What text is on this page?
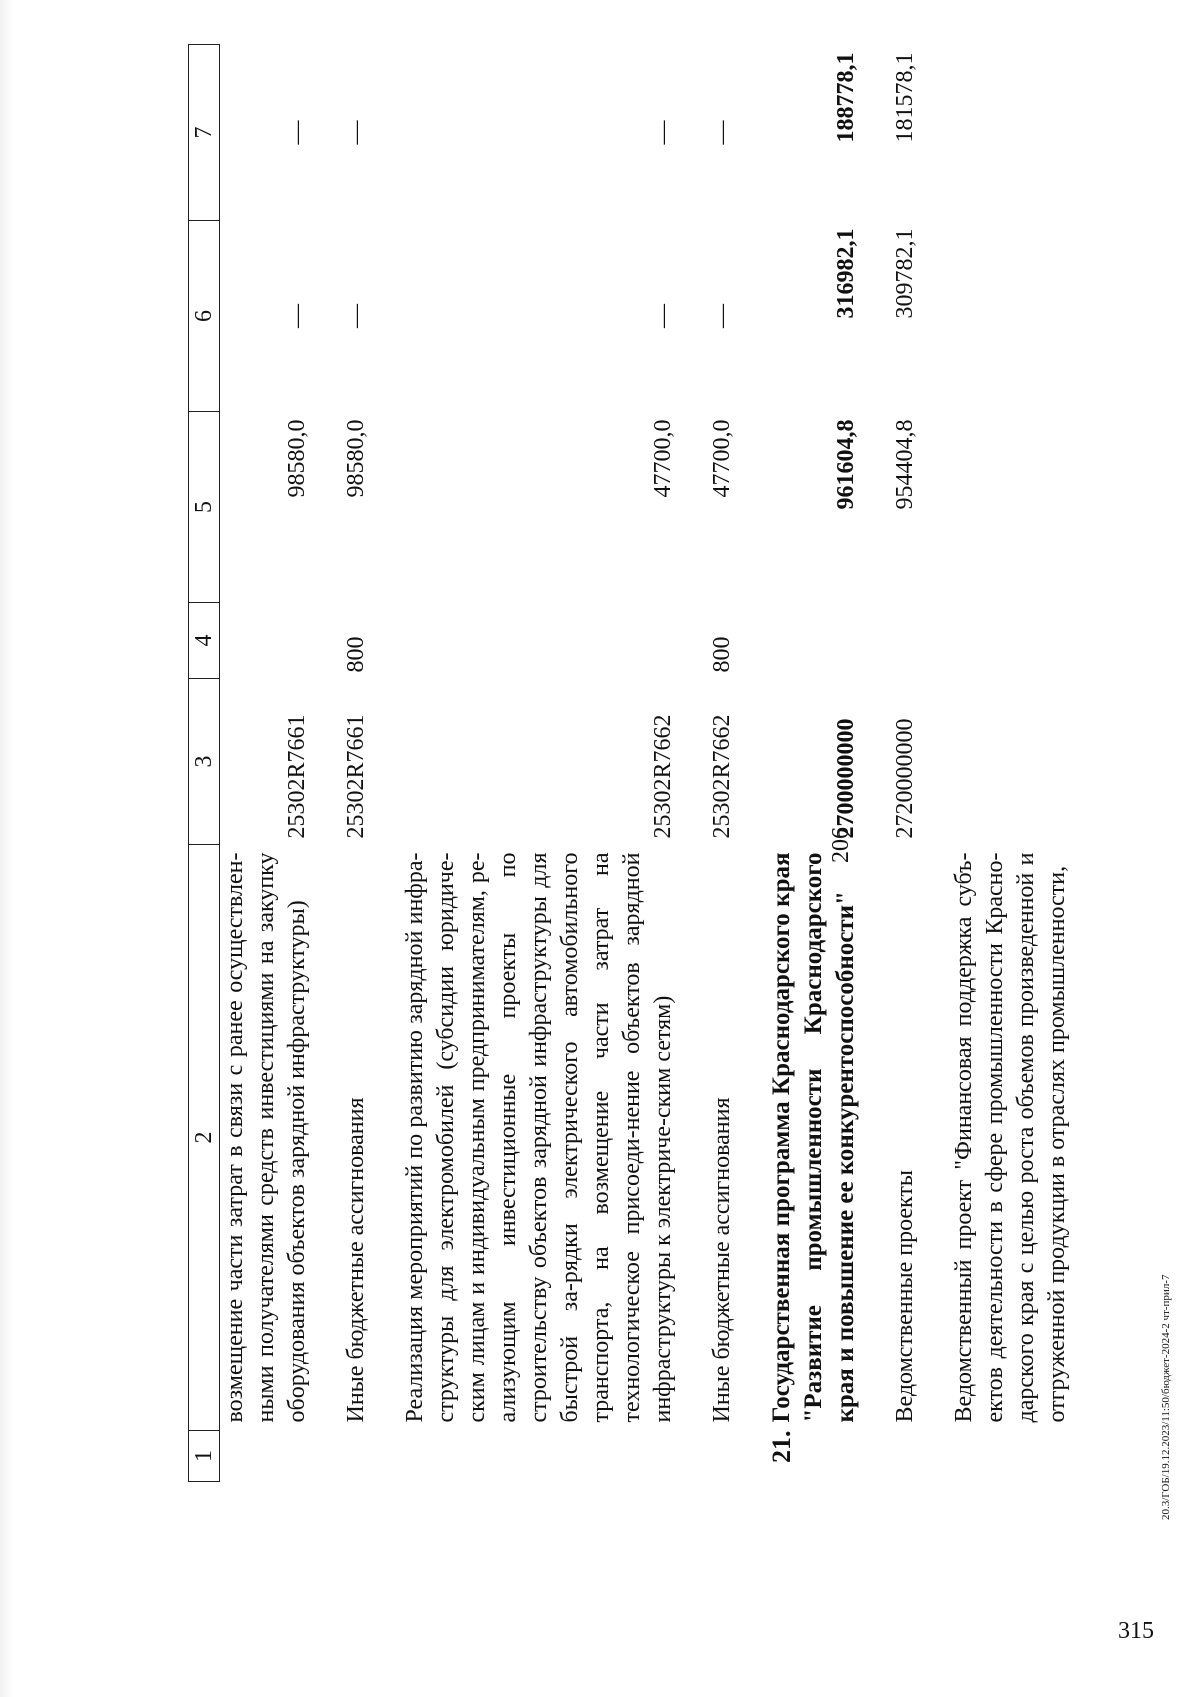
206
1	2	3	4	5	6	7
	возмещение части затрат в связи с ранее осуществлен-ными получателями средств инвестициями на закупку оборудования объектов зарядной инфраструктуры)	25302R7661		98580,0	—	—
	Иные бюджетные ассигнования	25302R7661	800	98580,0	—	—
	Реализация мероприятий по развитию зарядной инфра-структуры для электромобилей (субсидии юридиче-ским лицам и индивидуальным предпринимателям, ре-ализующим инвестиционные проекты по строительству объектов зарядной инфраструктуры для быстрой за-рядки электрического автомобильного транспорта, на возмещение части затрат на технологическое присоеди-нение объектов зарядной инфраструктуры к электриче-ским сетям)	25302R7662		47700,0	—	—
	Иные бюджетные ассигнования	25302R7662	800	47700,0	—	—
21.	Государственная программа Краснодарского края "Развитие промышленности Краснодарского края и повышение ее конкурентоспособности"	2700000000		961604,8	316982,1	188778,1
	Ведомственные проекты	2720000000		954404,8	309782,1	181578,1
	Ведомственный проект "Финансовая поддержка субъ-ектов деятельности в сфере промышленности Красно-дарского края с целью роста объемов произведенной и отгруженной продукции в отраслях промышленности,						20.3/ГОБ/19.12.2023/11:50/бюджет-2024-2 чт-прил-7
315
